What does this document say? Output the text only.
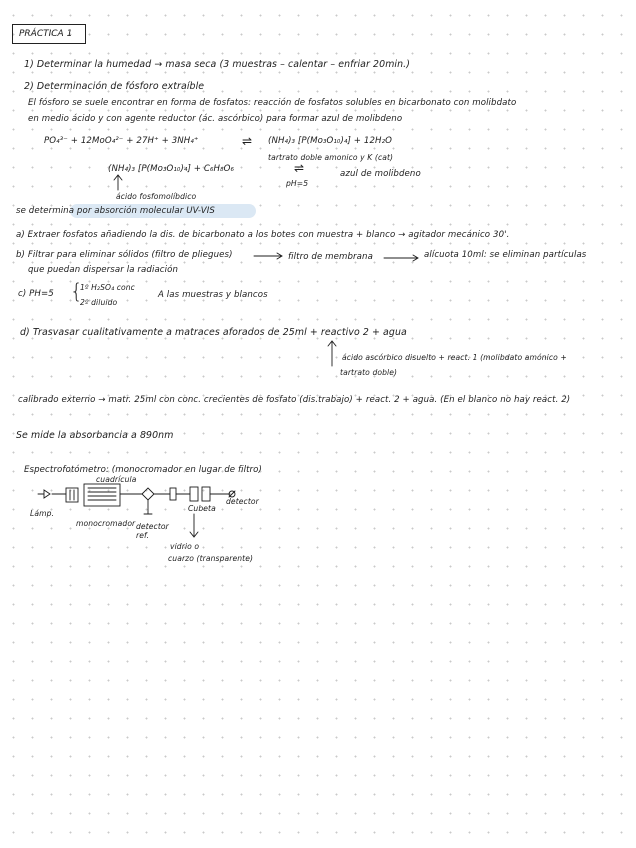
PRÁCTICA 1
1) Determinar la humedad → masa seca (3 muestras – calentar – enfriar 20min.)
2) Determinación de fósforo extraíble
El fósforo se suele encontrar en forma de fosfatos: reacción de fosfatos solubles en bicarbonato con molibdato
en medio ácido y con agente reductor (ác. ascórbico) para formar azul de molibdeno
PO₄³⁻ + 12MoO₄²⁻ + 27H⁺ + 3NH₄⁺	⇌ (NH₄)₃ [P(Mo₃O₁₀)₄] + 12H₂O
tartrato doble amonico y K (cat)
(NH₄)₃ [P(Mo₃O₁₀)₄] + C₆H₈O₆	⇌
pH=5
azul de molibdeno
ácido fosfomolíbdico
se determina por absorción molecular UV-VIS
a) Extraer fosfatos añadiendo la dis. de bicarbonato a los botes con muestra + blanco → agitador mecánico 30'.
b) Filtrar para eliminar sólidos (filtro de pliegues)	filtro de membrana	alícuota 10ml: se eliminan partículas
que puedan dispersar la radiación
c) PH=5 {
1º H₂SO₄ conc
2º diluido
A las muestras y blancos
d) Trasvasar cualitativamente a matraces aforados de 25ml + reactivo 2 + agua
ácido ascórbico disuelto + react. 1 (molibdato amónico +
tartrato doble)
calibrado externo → matr. 25ml con conc. crecientes de fosfato (dis.trabajo) + react. 2 + agua. (En el blanco no hay react. 2)
Se mide la absorbancia a 890nm
Espectrofotómetro: (monocromador en lugar de filtro)
Lámp.
cuadrícula
monocromador detector ref.
Cubeta
detector
vidrio o
cuarzo (transparente)
